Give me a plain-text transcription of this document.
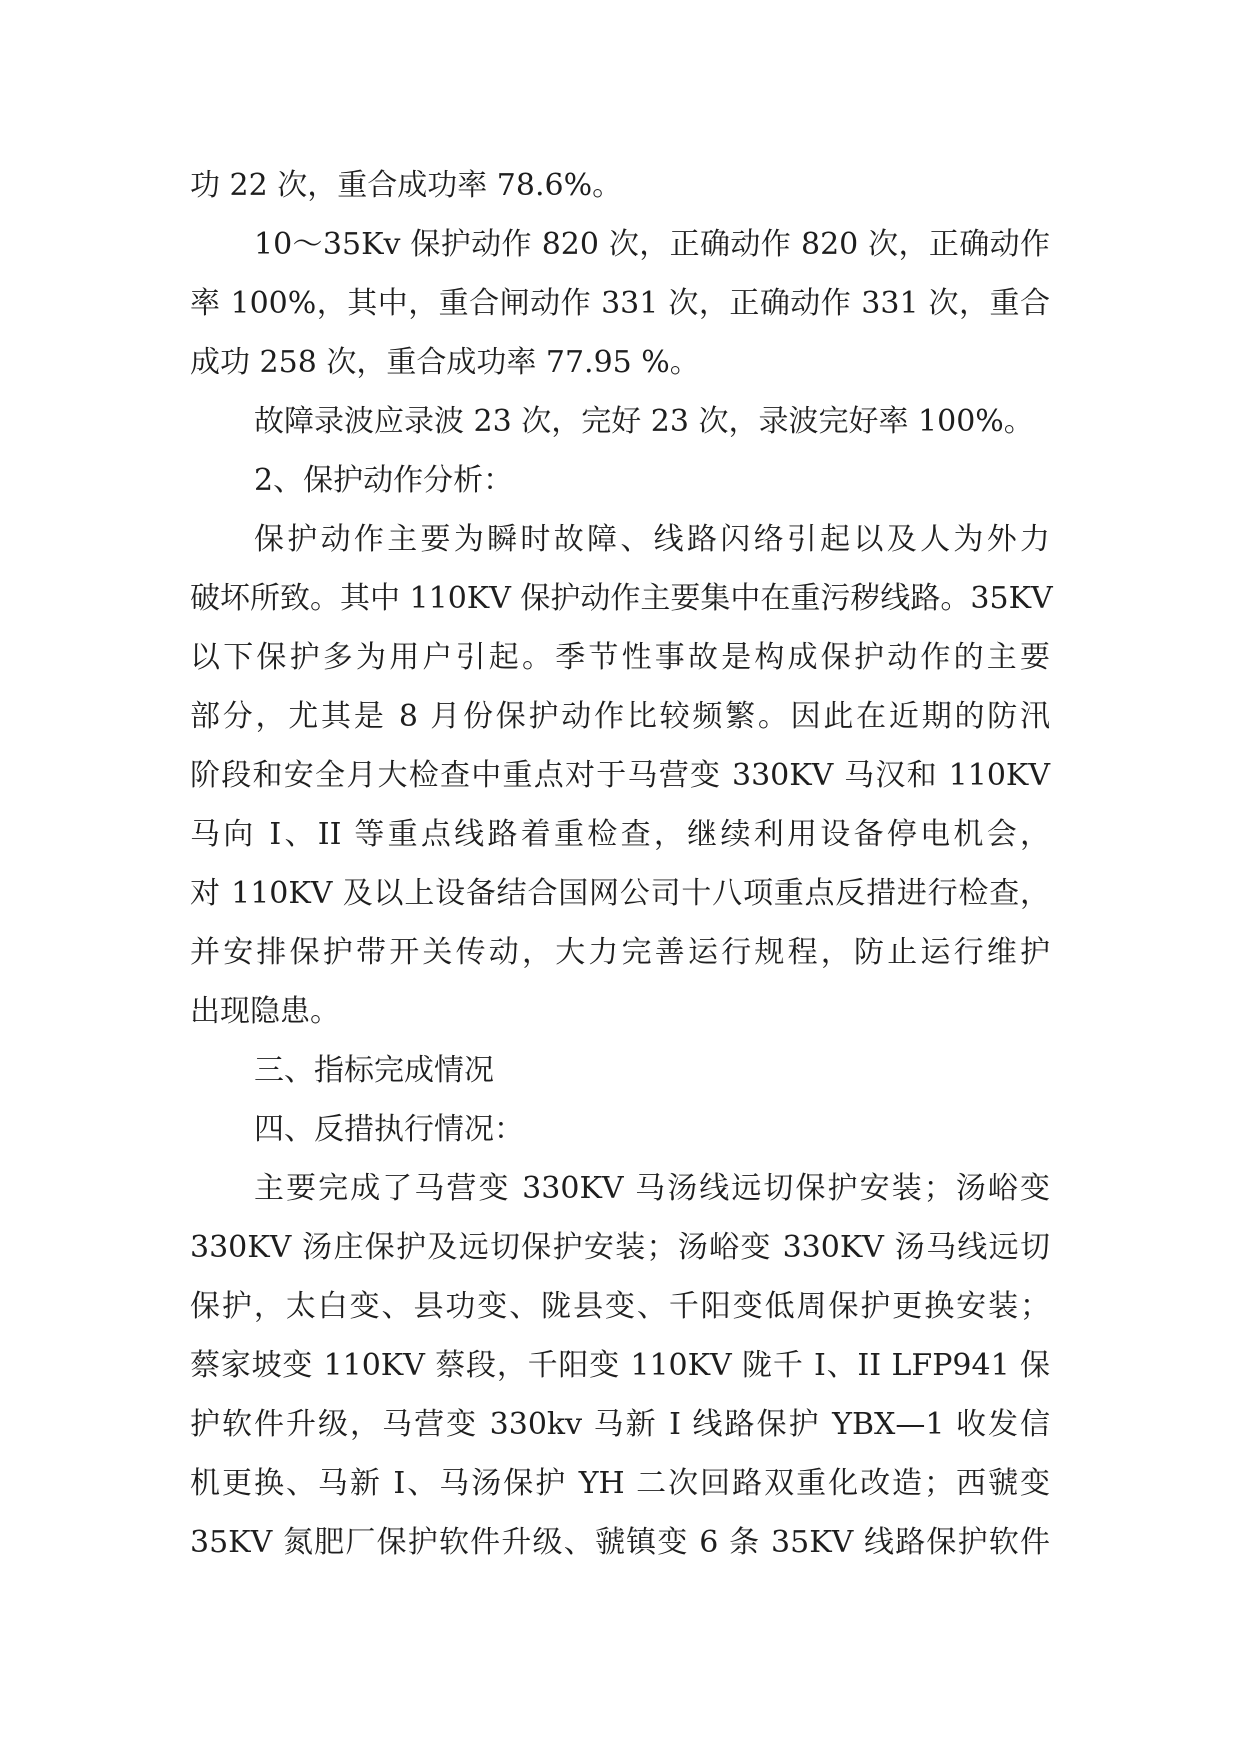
功 22 次，重合成功率 78.6%。
10～35Kv 保护动作 820 次，正确动作 820 次，正确动作
率 100%，其中，重合闸动作 331 次，正确动作 331 次，重合
成功 258 次，重合成功率 77.95 %。
故障录波应录波 23 次，完好 23 次，录波完好率 100%。
2、保护动作分析：
保护动作主要为瞬时故障、线路闪络引起以及人为外力
破坏所致。其中 110KV 保护动作主要集中在重污秽线路。35KV
以下保护多为用户引起。季节性事故是构成保护动作的主要
部分，尤其是 8 月份保护动作比较频繁。因此在近期的防汛
阶段和安全月大检查中重点对于马营变 330KV 马汉和 110KV
马向 I、II 等重点线路着重检查，继续利用设备停电机会，
对 110KV 及以上设备结合国网公司十八项重点反措进行检查，
并安排保护带开关传动，大力完善运行规程，防止运行维护
出现隐患。
三、指标完成情况
四、反措执行情况：
主要完成了马营变 330KV 马汤线远切保护安装；汤峪变
330KV 汤庄保护及远切保护安装；汤峪变 330KV 汤马线远切
保护，太白变、县功变、陇县变、千阳变低周保护更换安装；
蔡家坡变 110KV 蔡段，千阳变 110KV 陇千 I、II LFP941 保
护软件升级，马营变 330kv 马新 I 线路保护 YBX—1 收发信
机更换、马新 I、马汤保护 YH 二次回路双重化改造；西虢变
35KV 氮肥厂保护软件升级、虢镇变 6 条 35KV 线路保护软件
